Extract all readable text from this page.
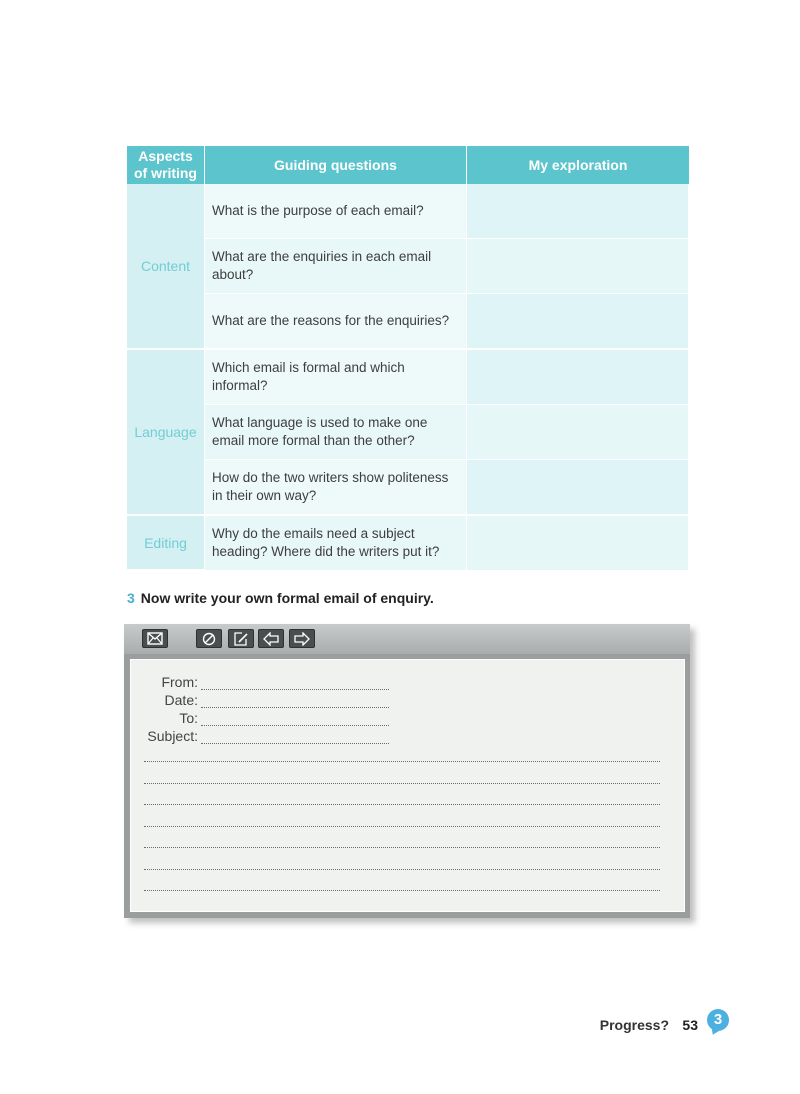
Aspects of writing	Guiding questions	My exploration
Content	What is the purpose of each email?	
	What are the enquiries in each email about?	
	What are the reasons for the enquiries?	
Language	Which email is formal and which informal?	
	What language is used to make one email more formal than the other?	
	How do the two writers show politeness in their own way?	
Editing	Why do the emails need a subject heading? Where did the writers put it?	
3 Now write your own formal email of enquiry.
From:
Date:
To:
Subject:
Progress? 53	3
